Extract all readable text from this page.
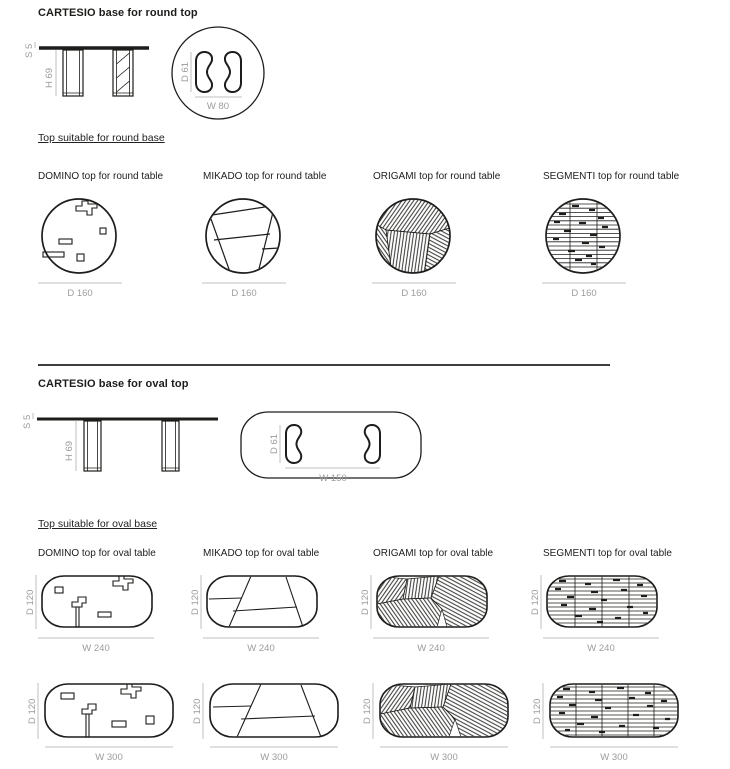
CARTESIO base for round top
S 5
H 69	D 61
W 80
Top suitable for round base
DOMINO top for round table	MIKADO top for round table	ORIGAMI top for round table	SEGMENTI top for round table
D 160	D 160	D 160	D 160
CARTESIO base for oval top
S 5
H 69	D 61
W 150
Top suitable for oval base
DOMINO top for oval table	MIKADO top for oval table	ORIGAMI top for oval table	SEGMENTI top for oval table
D 120
W 240
D 120
W 240
D 120
W 240
D 120
W 240
D 120
W 300
D 120
W 300
D 120
W 300
D 120
W 300
